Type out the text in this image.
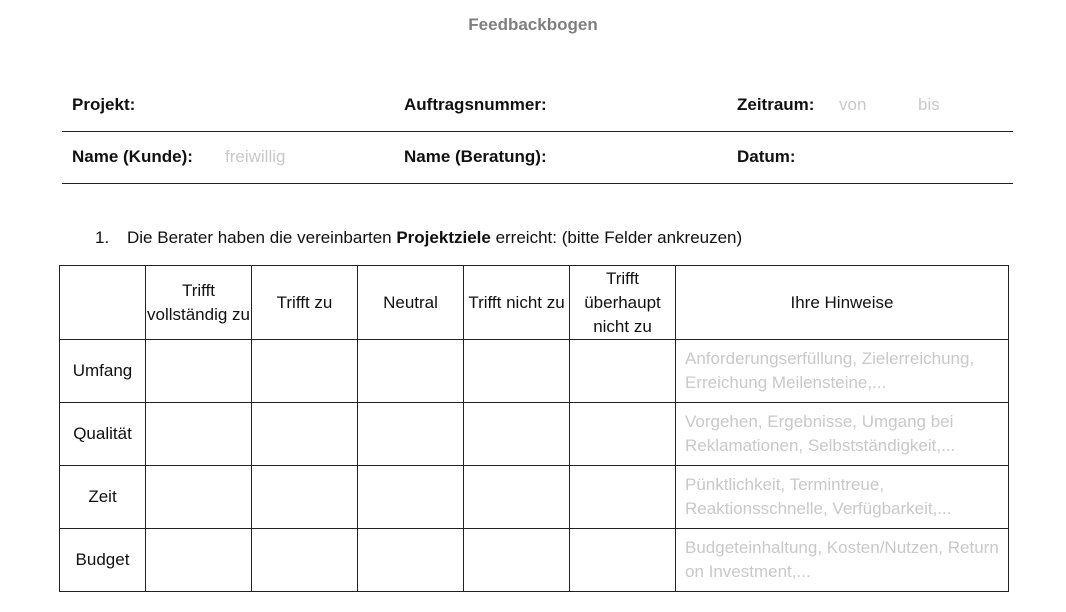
Feedbackbogen
Projekt:	Auftragsnummer:	Zeitraum: von	bis
Name (Kunde): freiwillig	Name (Beratung):	Datum:
1. Die Berater haben die vereinbarten Projektziele erreicht: (bitte Felder ankreuzen)
	Trifft vollständig zu	Trifft zu	Neutral	Trifft nicht zu	Trifft überhaupt nicht zu	Ihre Hinweise
Umfang						Anforderungserfüllung, Zielerreichung, Erreichung Meilensteine,...
Qualität						Vorgehen, Ergebnisse, Umgang bei Reklamationen, Selbstständigkeit,...
Zeit						Pünktlichkeit, Termintreue, Reaktionsschnelle, Verfügbarkeit,...
Budget						Budgeteinhaltung, Kosten/Nutzen, Return on Investment,...
